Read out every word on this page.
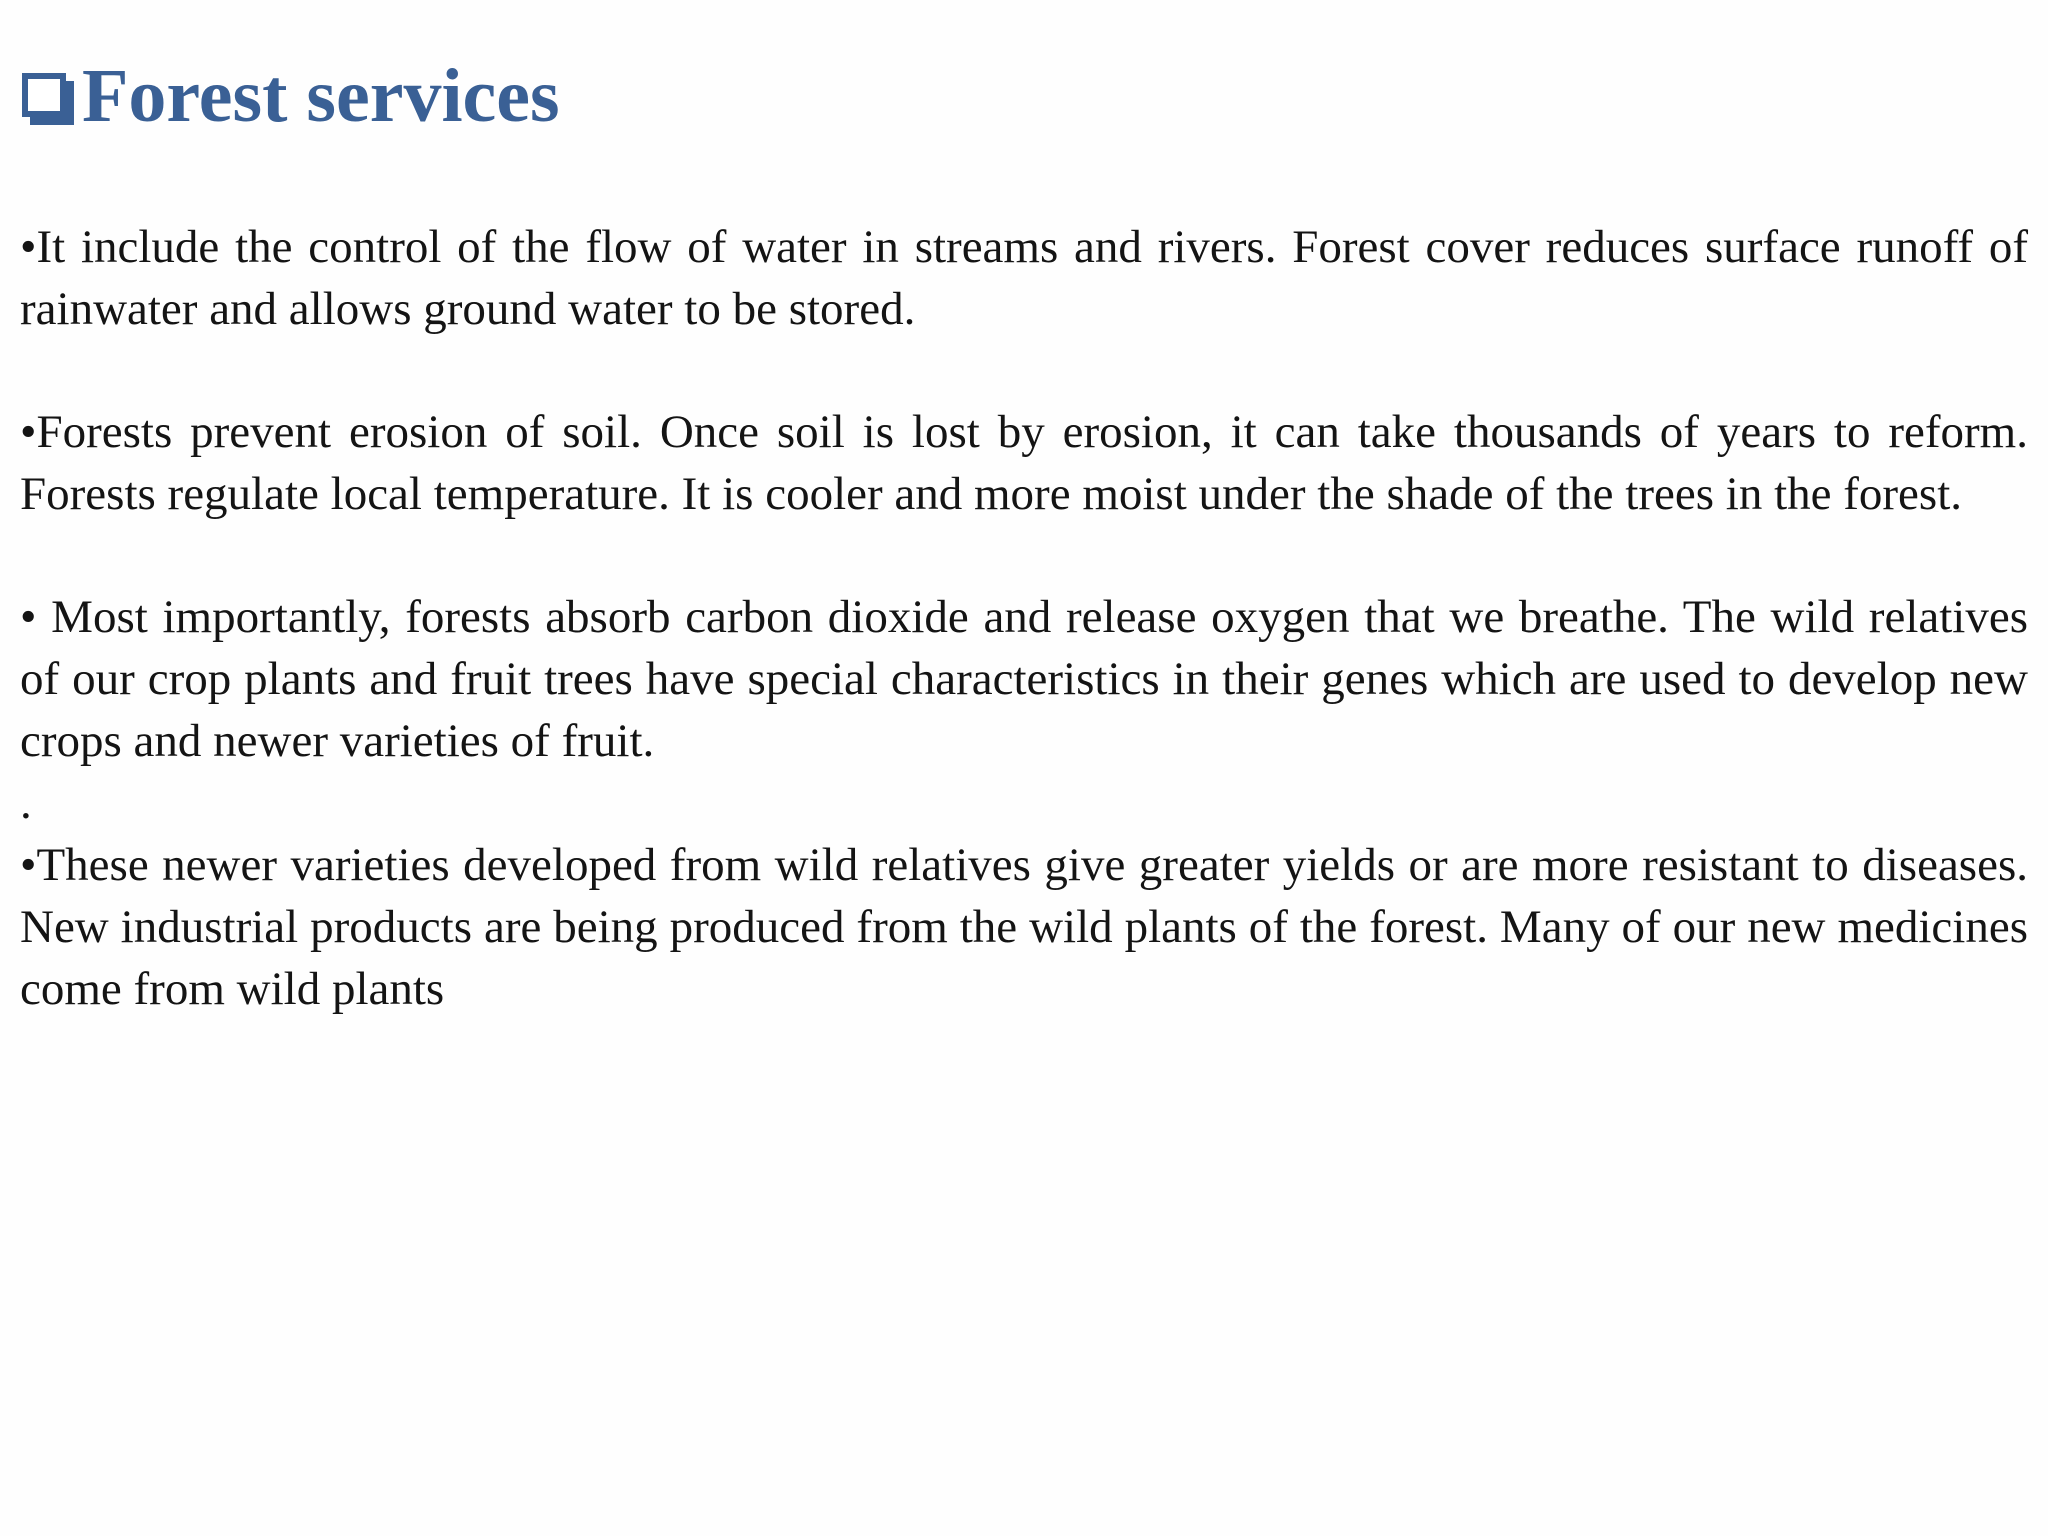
Forest services

•It include the control of the flow of water in streams and rivers. Forest cover reduces surface runoff of rainwater and allows ground water to be stored.

•Forests prevent erosion of soil. Once soil is lost by erosion, it can take thousands of years to reform. Forests regulate local temperature. It is cooler and more moist under the shade of the trees in the forest.

• Most importantly, forests absorb carbon dioxide and release oxygen that we breathe. The wild relatives of our crop plants and fruit trees have special characteristics in their genes which are used to develop new crops and newer varieties of fruit.

.

•These newer varieties developed from wild relatives give greater yields or are more resistant to diseases. New industrial products are being produced from the wild plants of the forest. Many of our new medicines come from wild plants
